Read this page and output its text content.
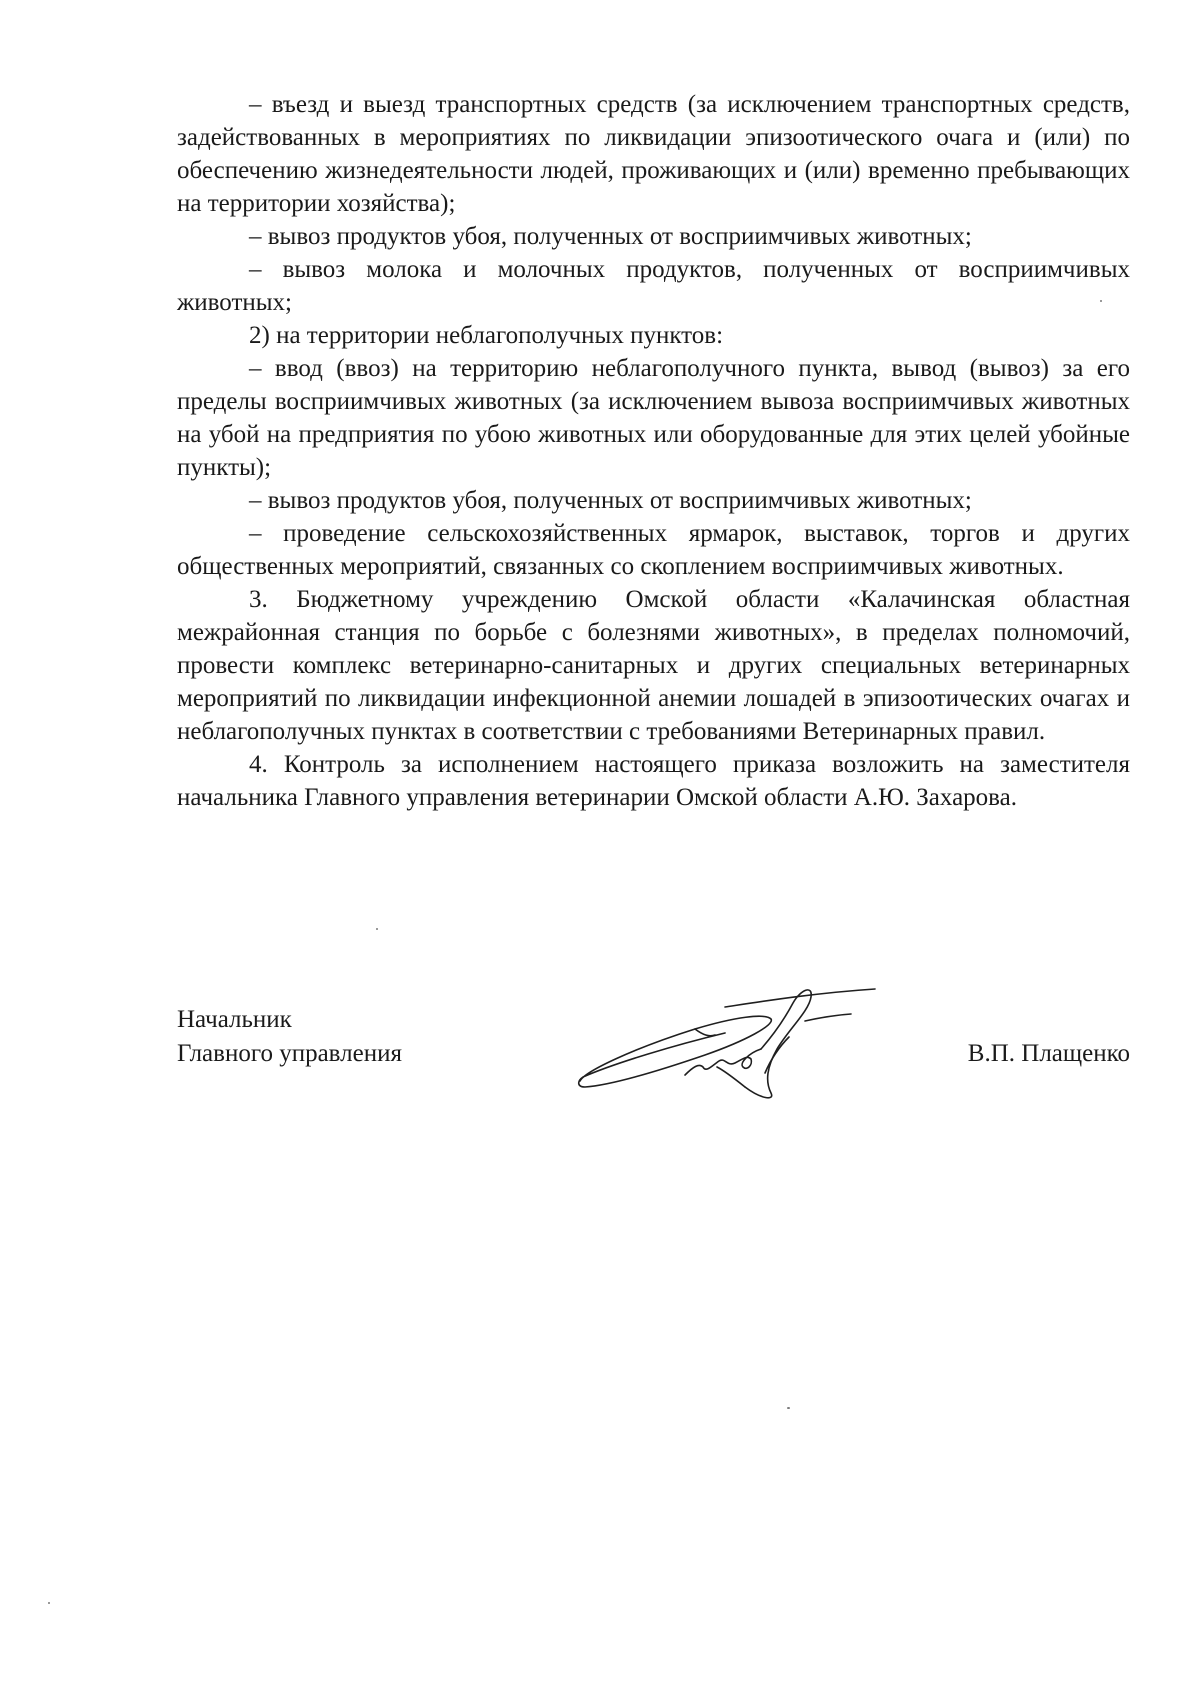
– въезд и выезд транспортных средств (за исключением транспортных средств, задействованных в мероприятиях по ликвидации эпизоотического очага и (или) по обеспечению жизнедеятельности людей, проживающих и (или) временно пребывающих на территории хозяйства);

– вывоз продуктов убоя, полученных от восприимчивых животных;

– вывоз молока и молочных продуктов, полученных от восприимчивых животных;

2) на территории неблагополучных пунктов:

– ввод (ввоз) на территорию неблагополучного пункта, вывод (вывоз) за его пределы восприимчивых животных (за исключением вывоза восприимчивых животных на убой на предприятия по убою животных или оборудованные для этих целей убойные пункты);

– вывоз продуктов убоя, полученных от восприимчивых животных;

– проведение сельскохозяйственных ярмарок, выставок, торгов и других общественных мероприятий, связанных со скоплением восприимчивых животных.

3. Бюджетному учреждению Омской области «Калачинская областная межрайонная станция по борьбе с болезнями животных», в пределах полномочий, провести комплекс ветеринарно-санитарных и других специальных ветеринарных мероприятий по ликвидации инфекционной анемии лошадей в эпизоотических очагах и неблагополучных пунктах в соответствии с требованиями Ветеринарных правил.

4. Контроль за исполнением настоящего приказа возложить на заместителя начальника Главного управления ветеринарии Омской области А.Ю. Захарова.

Начальник
Главного управления	В.П. Плащенко
